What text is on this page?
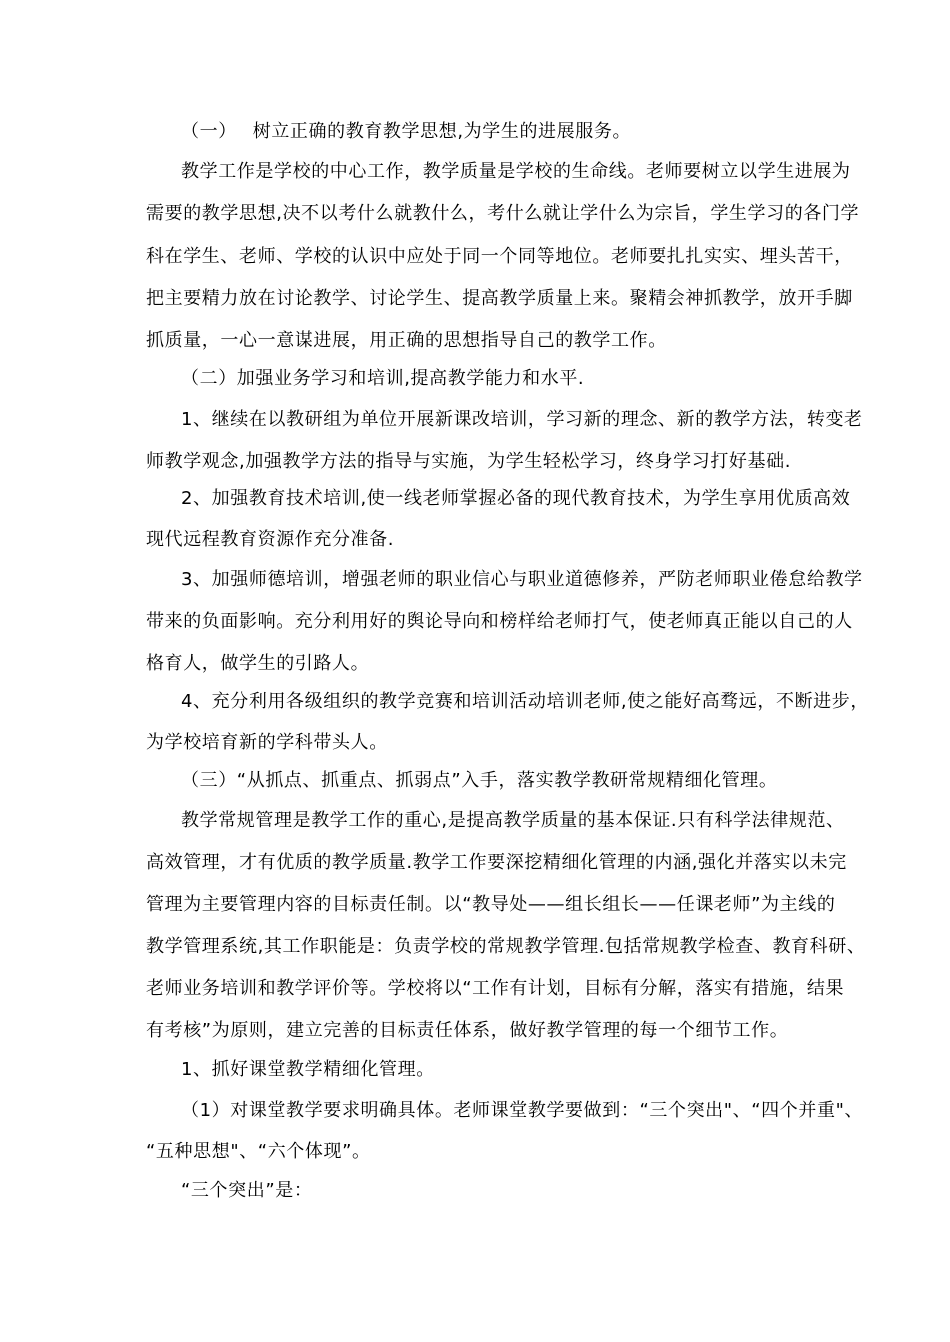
（一）　 树立正确的教育教学思想,为学生的进展服务。
教学工作是学校的中心工作，教学质量是学校的生命线。老师要树立以学生进展为
需要的教学思想,决不以考什么就教什么，考什么就让学什么为宗旨，学生学习的各门学
科在学生、老师、学校的认识中应处于同一个同等地位。老师要扎扎实实、埋头苦干，
把主要精力放在讨论教学、讨论学生、提高教学质量上来。聚精会神抓教学，放开手脚
抓质量，一心一意谋进展，用正确的思想指导自己的教学工作。
（二）加强业务学习和培训,提高教学能力和水平.
1、继续在以教研组为单位开展新课改培训，学习新的理念、新的教学方法，转变老
师教学观念,加强教学方法的指导与实施，为学生轻松学习，终身学习打好基础.
2、加强教育技术培训,使一线老师掌握必备的现代教育技术，为学生享用优质高效
现代远程教育资源作充分准备.
3、加强师德培训，增强老师的职业信心与职业道德修养，严防老师职业倦怠给教学
带来的负面影响。充分利用好的舆论导向和榜样给老师打气，使老师真正能以自己的人
格育人，做学生的引路人。
4、充分利用各级组织的教学竞赛和培训活动培训老师,使之能好高骛远，不断进步，
为学校培育新的学科带头人。
（三）“从抓点、抓重点、抓弱点”入手，落实教学教研常规精细化管理。
教学常规管理是教学工作的重心,是提高教学质量的基本保证.只有科学法律规范、
高效管理，才有优质的教学质量.教学工作要深挖精细化管理的内涵,强化并落实以未完
管理为主要管理内容的目标责任制。以“教导处——组长组长——任课老师”为主线的
教学管理系统,其工作职能是：负责学校的常规教学管理.包括常规教学检查、教育科研、
老师业务培训和教学评价等。学校将以“工作有计划，目标有分解，落实有措施，结果
有考核”为原则，建立完善的目标责任体系，做好教学管理的每一个细节工作。
1、抓好课堂教学精细化管理。
（1）对课堂教学要求明确具体。老师课堂教学要做到：“三个突出"、“四个并重"、
“五种思想"、“六个体现”。
“三个突出”是：
